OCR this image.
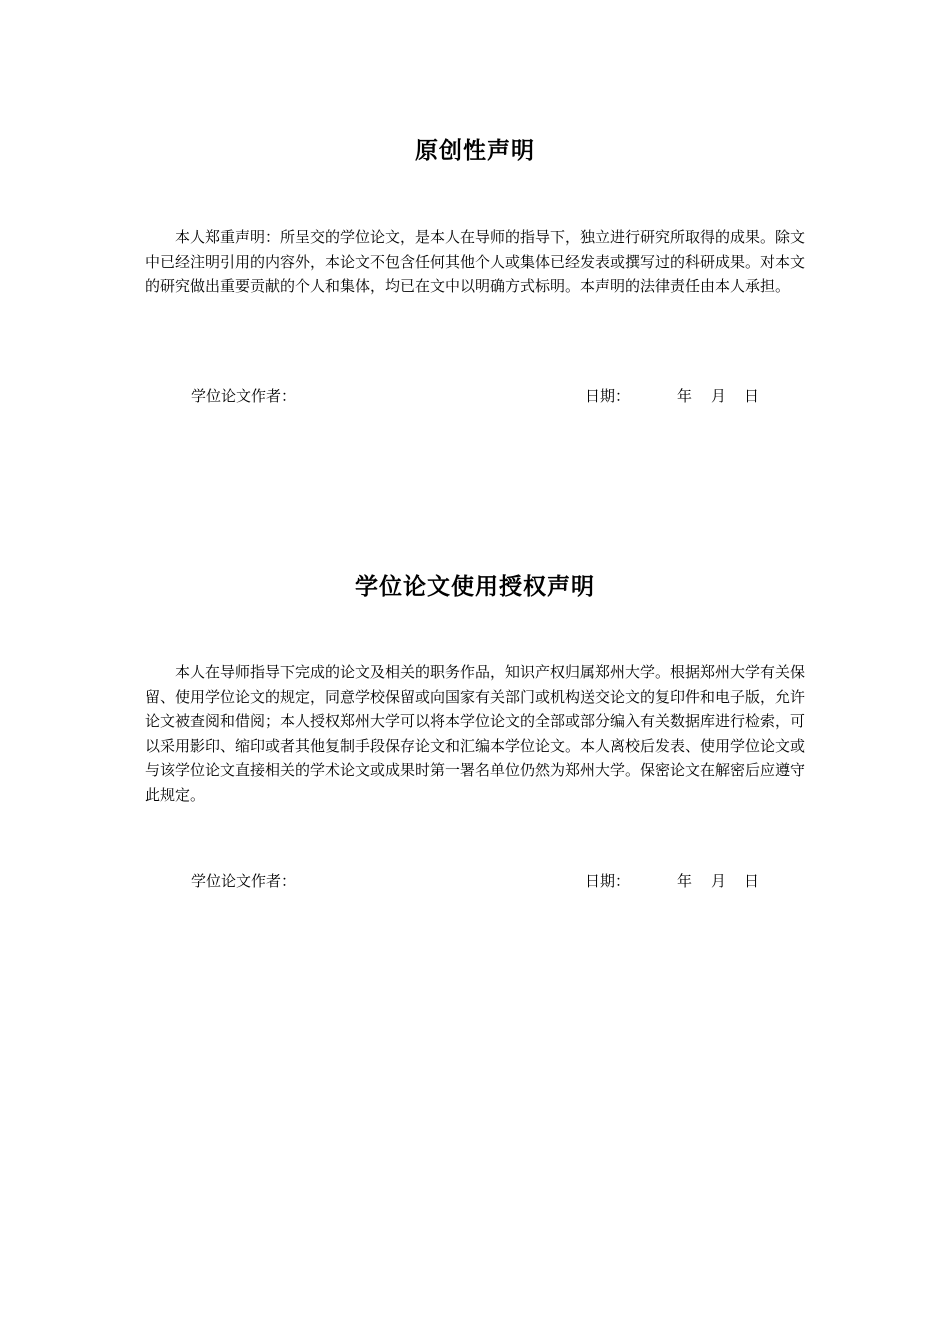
原创性声明

本人郑重声明：所呈交的学位论文，是本人在导师的指导下，独立进行研究所取得的成果。除文中已经注明引用的内容外，本论文不包含任何其他个人或集体已经发表或撰写过的科研成果。对本文的研究做出重要贡献的个人和集体，均已在文中以明确方式标明。本声明的法律责任由本人承担。

学位论文作者：	日期：	年 月 日
学位论文使用授权声明

本人在导师指导下完成的论文及相关的职务作品，知识产权归属郑州大学。根据郑州大学有关保留、使用学位论文的规定，同意学校保留或向国家有关部门或机构送交论文的复印件和电子版，允许论文被查阅和借阅；本人授权郑州大学可以将本学位论文的全部或部分编入有关数据库进行检索，可以采用影印、缩印或者其他复制手段保存论文和汇编本学位论文。本人离校后发表、使用学位论文或与该学位论文直接相关的学术论文或成果时第一署名单位仍然为郑州大学。保密论文在解密后应遵守此规定。

学位论文作者：	日期：	年 月 日
